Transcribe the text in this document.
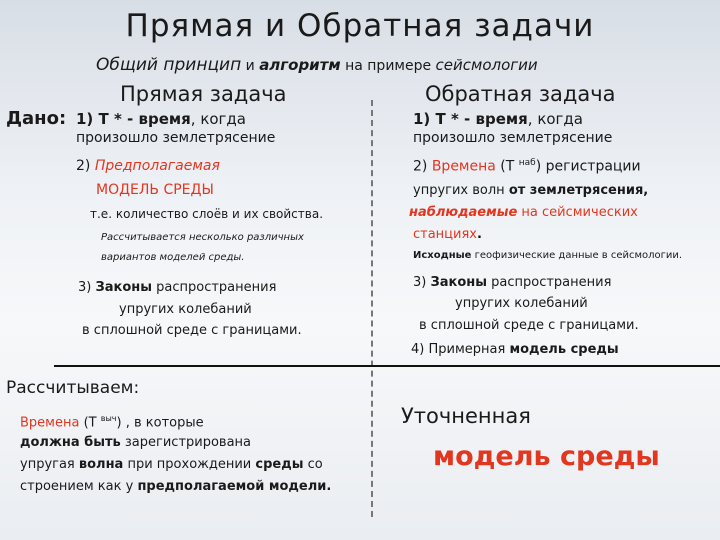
Прямая и Обратная задачи
Общий принцип и алгоритм на примере сейсмологии
Прямая задача	Обратная задача
Дано: 1) Т * - время, когда
произошло землетрясение
2) Предполагаемая
МОДЕЛЬ СРЕДЫ
т.е. количество слоёв и их свойства.
Рассчитывается несколько различных
вариантов моделей среды.
3) Законы распространения
упругих колебаний
в сплошной среде с границами.
1) Т * - время, когда
произошло землетрясение
2) Времена (Т $^{наб}$) регистрации
упругих волн от землетрясения,
наблюдаемые на сейсмических
станциях.
Исходные геофизические данные в сейсмологии.
3) Законы распространения
упругих колебаний
в сплошной среде с границами.
4) Примерная модель среды
Рассчитываем:
Времена (Т $^{выч}$) , в которые
должна быть зарегистрирована
упругая волна при прохождении среды со
строением как у предполагаемой модели.
Уточненная
модель среды
